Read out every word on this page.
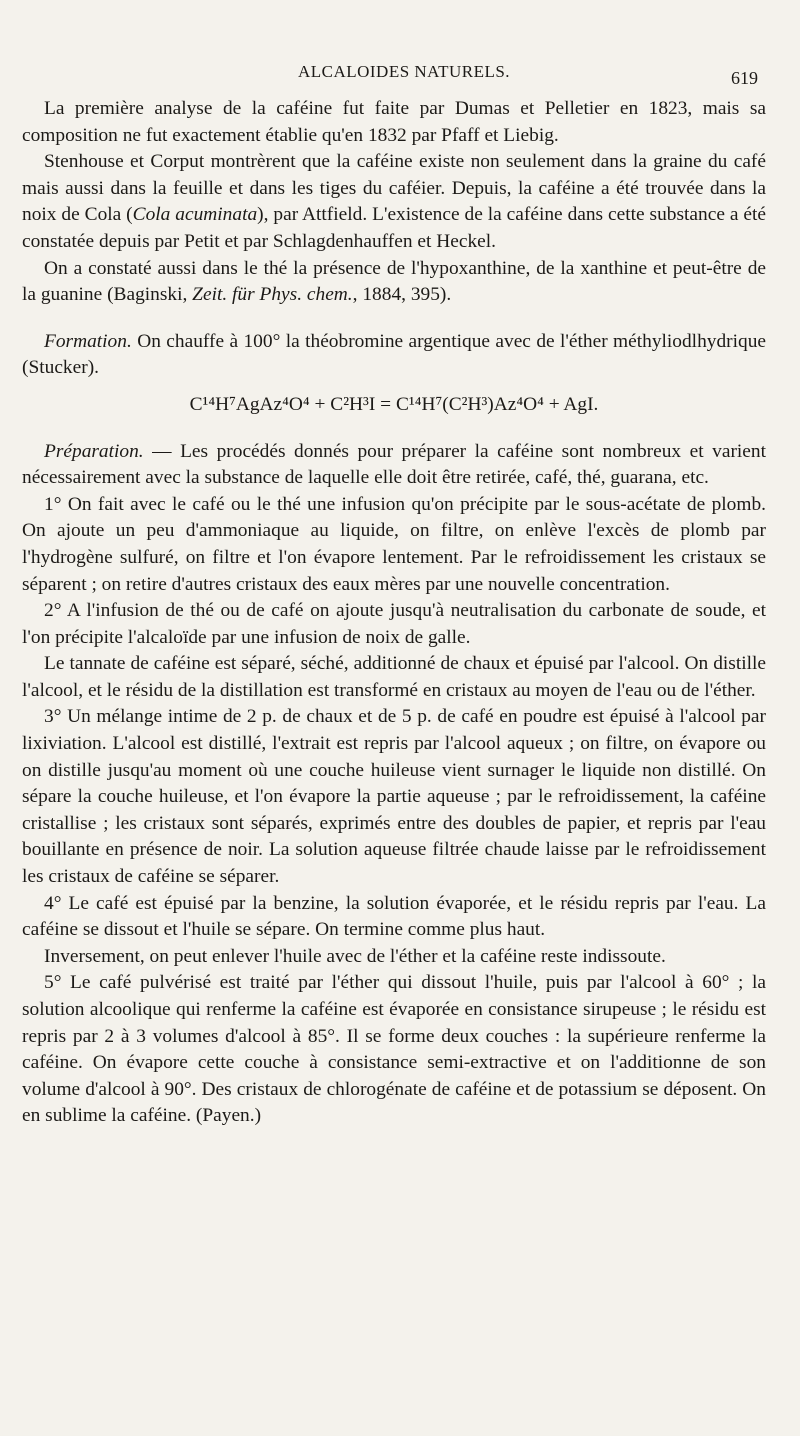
ALCALOIDES NATURELS.	619

La première analyse de la caféine fut faite par Dumas et Pelletier en 1823, mais sa composition ne fut exactement établie qu'en 1832 par Pfaff et Liebig.

Stenhouse et Corput montrèrent que la caféine existe non seulement dans la graine du café mais aussi dans la feuille et dans les tiges du caféier. Depuis, la caféine a été trouvée dans la noix de Cola (Cola acuminata), par Attfield. L'existence de la caféine dans cette substance a été constatée depuis par Petit et par Schlagdenhauffen et Heckel.

On a constaté aussi dans le thé la présence de l'hypoxanthine, de la xanthine et peut-être de la guanine (Baginski, Zeit. für Phys. chem., 1884, 395).

Formation. On chauffe à 100° la théobromine argentique avec de l'éther méthyliodlhydrique (Stucker).

C¹⁴H⁷AgAz⁴O⁴ + C²H³I = C¹⁴H⁷(C²H³)Az⁴O⁴ + AgI.

Préparation. — Les procédés donnés pour préparer la caféine sont nombreux et varient nécessairement avec la substance de laquelle elle doit être retirée, café, thé, guarana, etc.

1° On fait avec le café ou le thé une infusion qu'on précipite par le sous-acétate de plomb. On ajoute un peu d'ammoniaque au liquide, on filtre, on enlève l'excès de plomb par l'hydrogène sulfuré, on filtre et l'on évapore lentement. Par le refroidissement les cristaux se séparent ; on retire d'autres cristaux des eaux mères par une nouvelle concentration.

2° A l'infusion de thé ou de café on ajoute jusqu'à neutralisation du carbonate de soude, et l'on précipite l'alcaloïde par une infusion de noix de galle.

Le tannate de caféine est séparé, séché, additionné de chaux et épuisé par l'alcool. On distille l'alcool, et le résidu de la distillation est transformé en cristaux au moyen de l'eau ou de l'éther.

3° Un mélange intime de 2 p. de chaux et de 5 p. de café en poudre est épuisé à l'alcool par lixiviation. L'alcool est distillé, l'extrait est repris par l'alcool aqueux ; on filtre, on évapore ou on distille jusqu'au moment où une couche huileuse vient surnager le liquide non distillé. On sépare la couche huileuse, et l'on évapore la partie aqueuse ; par le refroidissement, la caféine cristallise ; les cristaux sont séparés, exprimés entre des doubles de papier, et repris par l'eau bouillante en présence de noir. La solution aqueuse filtrée chaude laisse par le refroidissement les cristaux de caféine se séparer.

4° Le café est épuisé par la benzine, la solution évaporée, et le résidu repris par l'eau. La caféine se dissout et l'huile se sépare. On termine comme plus haut.

Inversement, on peut enlever l'huile avec de l'éther et la caféine reste indissoute.

5° Le café pulvérisé est traité par l'éther qui dissout l'huile, puis par l'alcool à 60° ; la solution alcoolique qui renferme la caféine est évaporée en consistance sirupeuse ; le résidu est repris par 2 à 3 volumes d'alcool à 85°. Il se forme deux couches : la supérieure renferme la caféine. On évapore cette couche à consistance semi-extractive et on l'additionne de son volume d'alcool à 90°. Des cristaux de chlorogénate de caféine et de potassium se déposent. On en sublime la caféine. (Payen.)
